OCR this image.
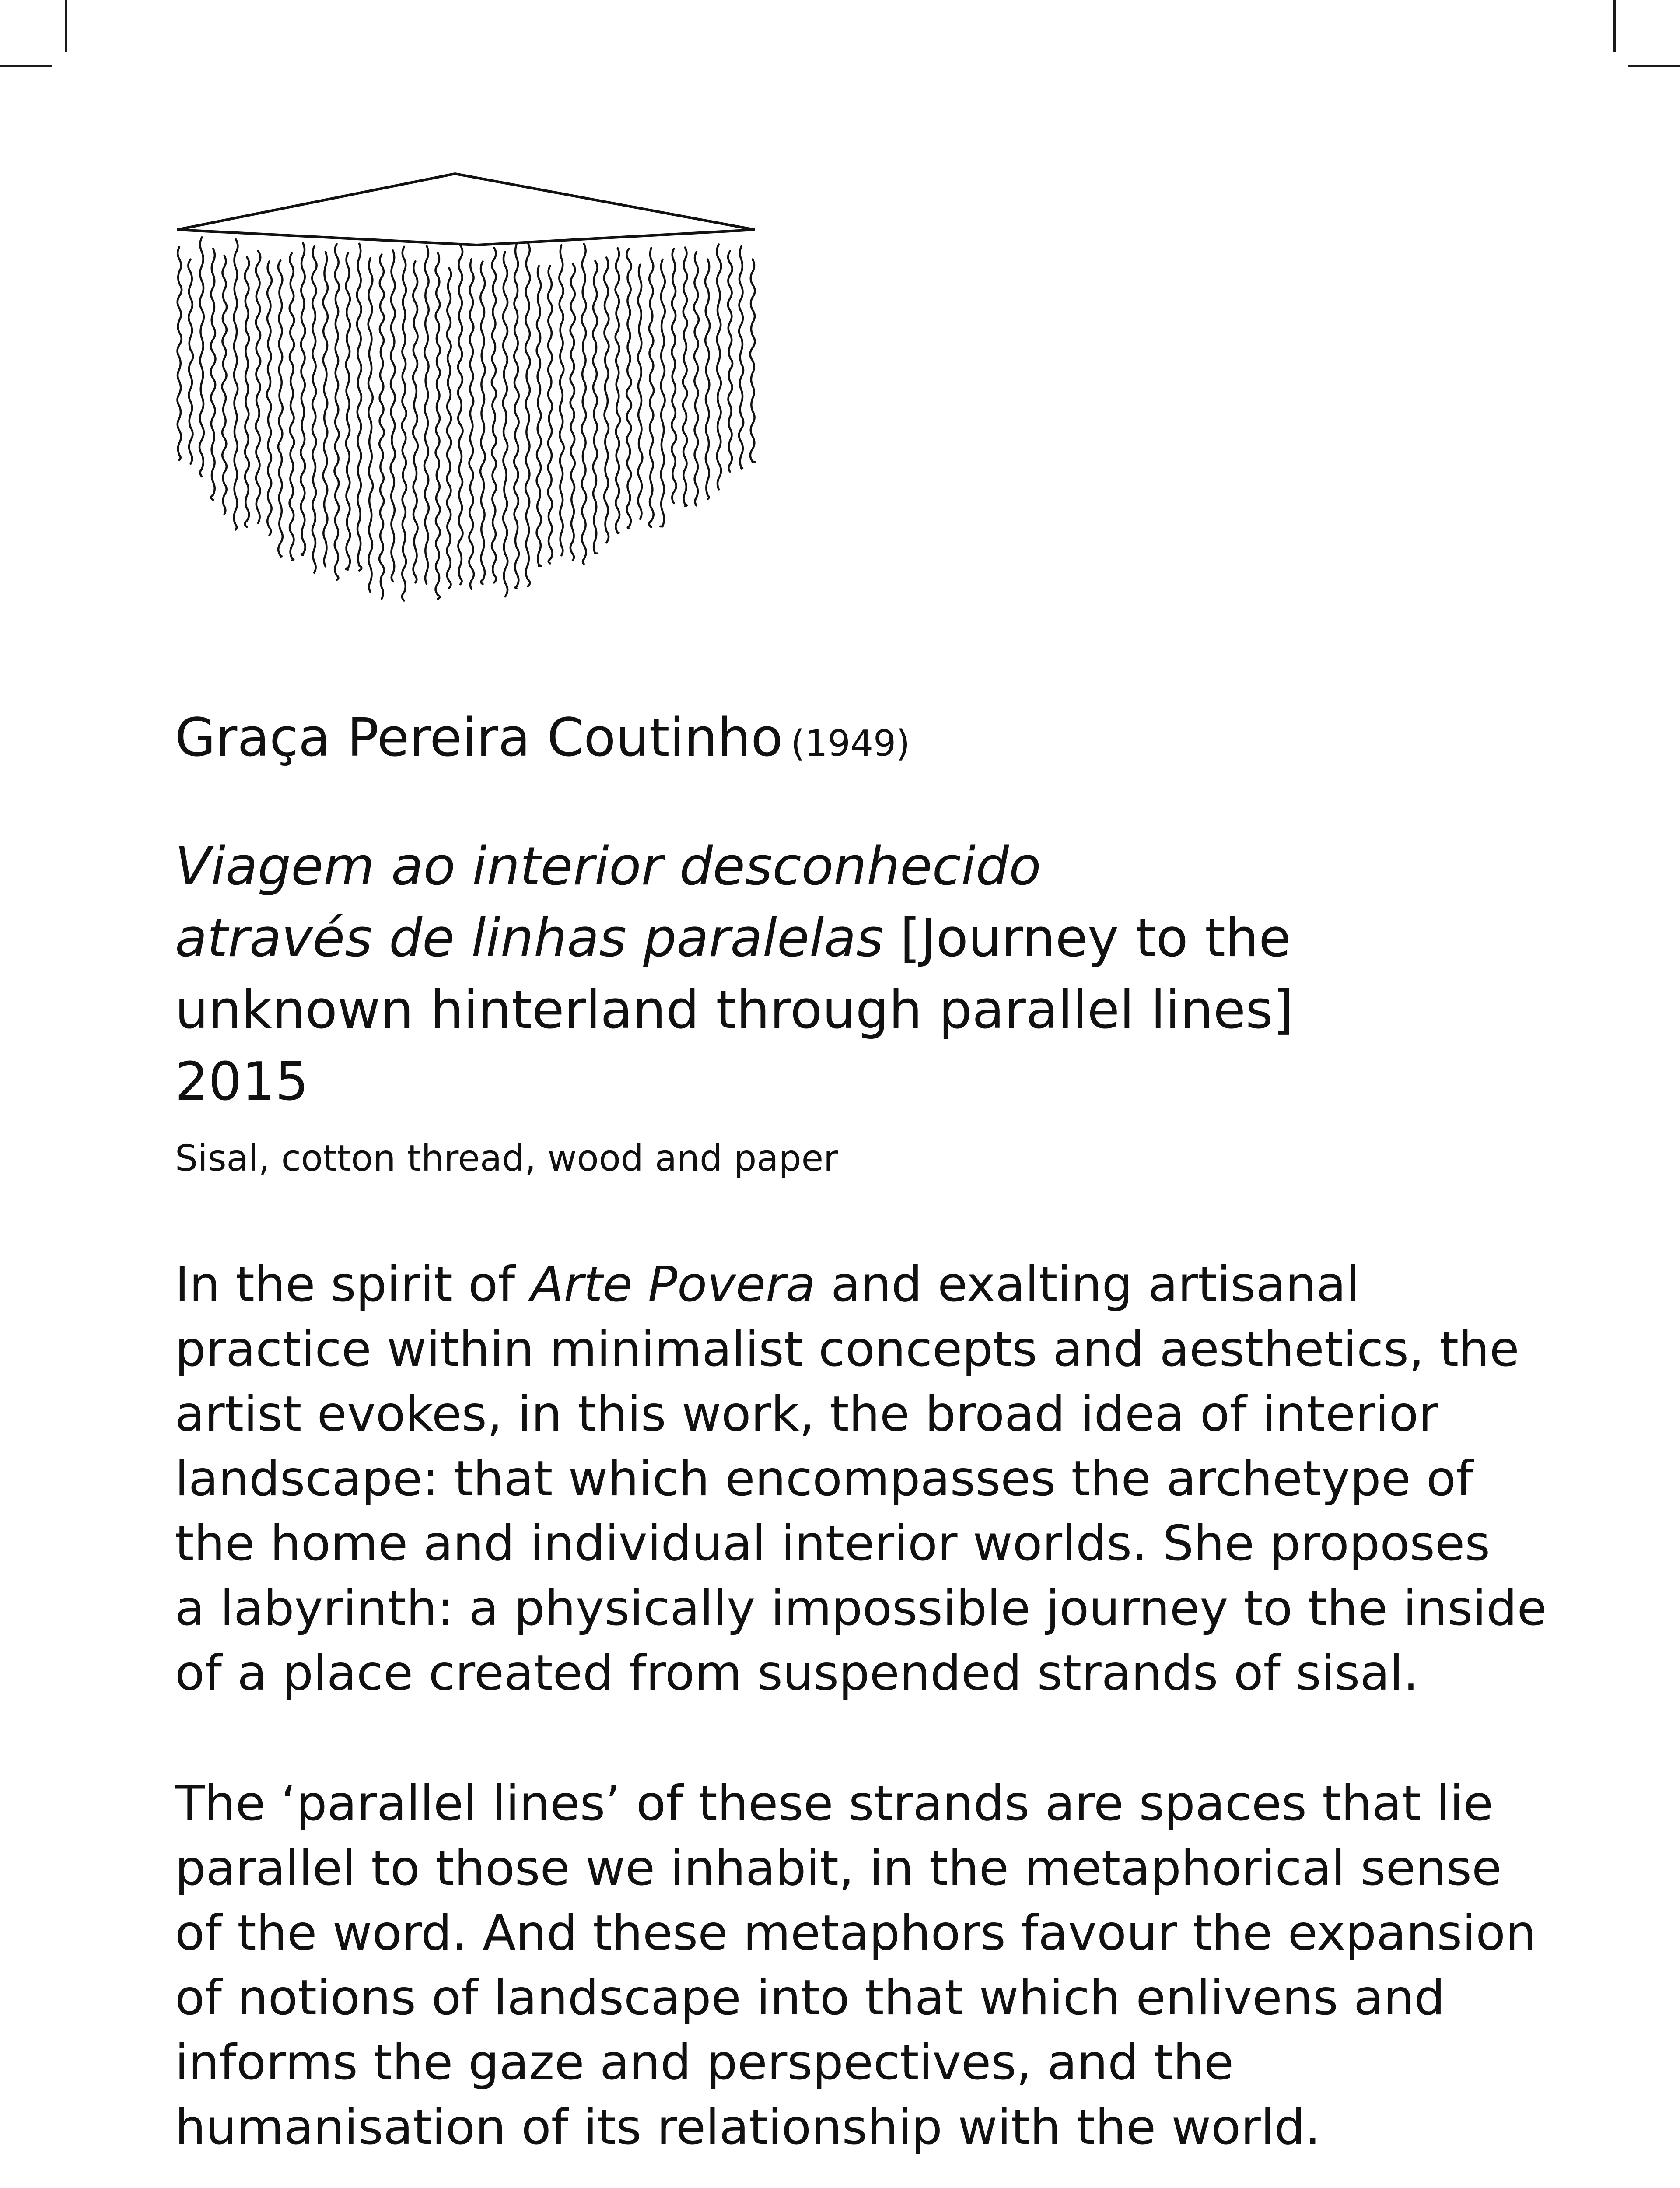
Graça Pereira Coutinho (1949)
Viagem ao interior desconhecido
através de linhas paralelas [Journey to the
unknown hinterland through parallel lines]
2015
Sisal, cotton thread, wood and paper
In the spirit of Arte Povera and exalting artisanal
practice within minimalist concepts and aesthetics, the
artist evokes, in this work, the broad idea of interior
landscape: that which encompasses the archetype of
the home and individual interior worlds. She proposes
a labyrinth: a physically impossible journey to the inside
of a place created from suspended strands of sisal.
The ‘parallel lines’ of these strands are spaces that lie
parallel to those we inhabit, in the metaphorical sense
of the word. And these metaphors favour the expansion
of notions of landscape into that which enlivens and
informs the gaze and perspectives, and the
humanisation of its relationship with the world.
